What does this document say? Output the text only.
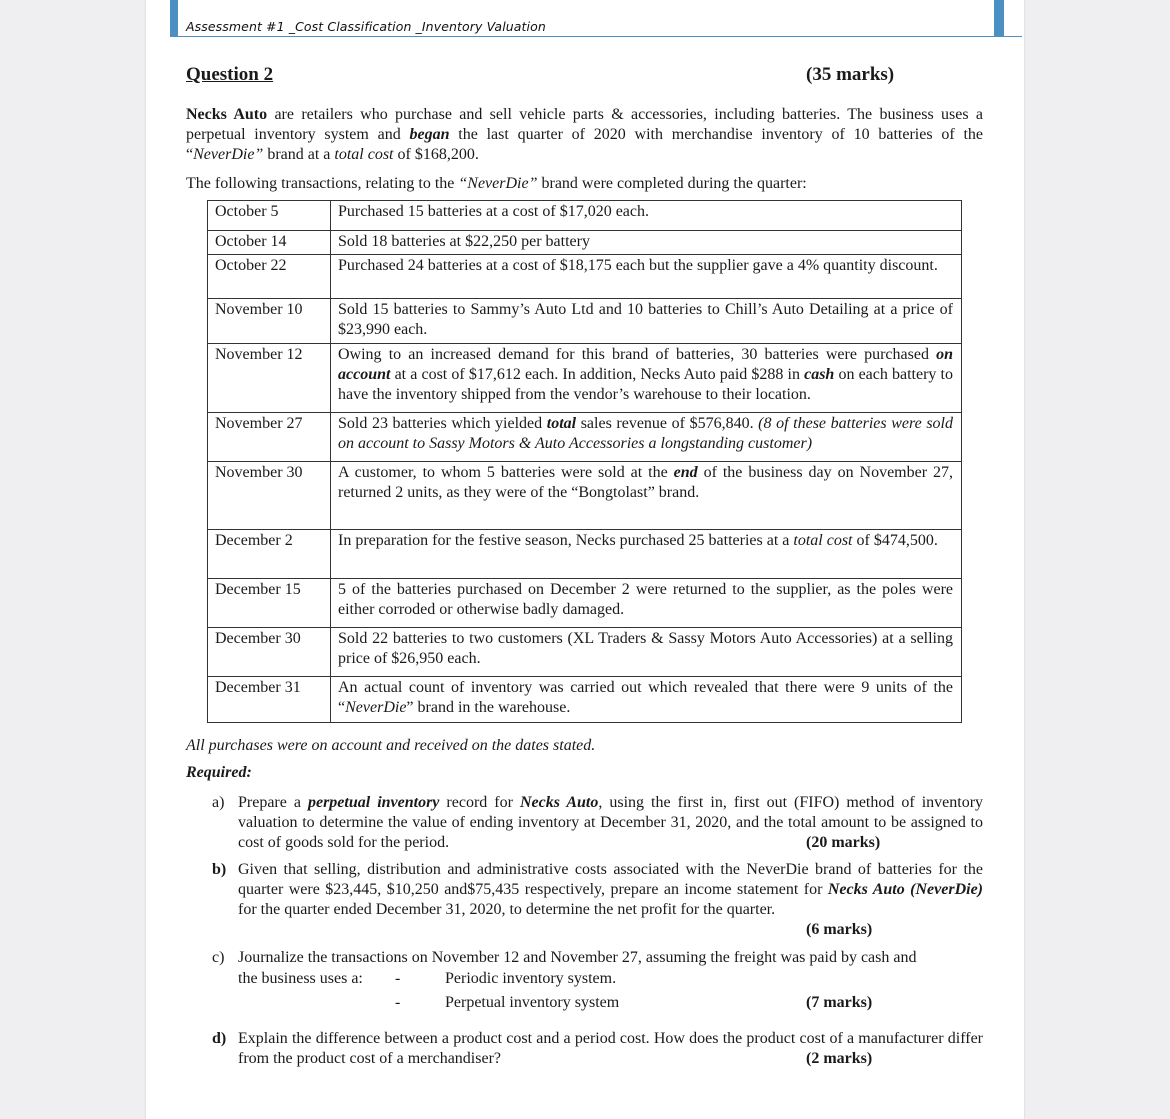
Assessment #1 _Cost Classification _Inventory Valuation
Question 2	(35 marks)
Necks Auto are retailers who purchase and sell vehicle parts & accessories, including batteries. The business uses a perpetual inventory system and began the last quarter of 2020 with merchandise inventory of 10 batteries of the “NeverDie” brand at a total cost of $168,200.
The following transactions, relating to the “NeverDie” brand were completed during the quarter:
October 5	Purchased 15 batteries at a cost of $17,020 each.
October 14	Sold 18 batteries at $22,250 per battery
October 22	Purchased 24 batteries at a cost of $18,175 each but the supplier gave a 4% quantity discount.
November 10	Sold 15 batteries to Sammy’s Auto Ltd and 10 batteries to Chill’s Auto Detailing at a price of $23,990 each.
November 12	Owing to an increased demand for this brand of batteries, 30 batteries were purchased on account at a cost of $17,612 each. In addition, Necks Auto paid $288 in cash on each battery to have the inventory shipped from the vendor’s warehouse to their location.
November 27	Sold 23 batteries which yielded total sales revenue of $576,840. (8 of these batteries were sold on account to Sassy Motors & Auto Accessories a longstanding customer)
November 30	A customer, to whom 5 batteries were sold at the end of the business day on November 27, returned 2 units, as they were of the “Bongtolast” brand.
December 2	In preparation for the festive season, Necks purchased 25 batteries at a total cost of $474,500.
December 15	5 of the batteries purchased on December 2 were returned to the supplier, as the poles were either corroded or otherwise badly damaged.
December 30	Sold 22 batteries to two customers (XL Traders & Sassy Motors Auto Accessories) at a selling price of $26,950 each.
December 31	An actual count of inventory was carried out which revealed that there were 9 units of the “NeverDie” brand in the warehouse.
All purchases were on account and received on the dates stated.
Required:
a) Prepare a perpetual inventory record for Necks Auto, using the first in, first out (FIFO) method of inventory valuation to determine the value of ending inventory at December 31, 2020, and the total amount to be assigned to cost of goods sold for the period.	(20 marks)
b) Given that selling, distribution and administrative costs associated with the NeverDie brand of batteries for the quarter were $23,445, $10,250 and$75,435 respectively, prepare an income statement for Necks Auto (NeverDie) for the quarter ended December 31, 2020, to determine the net profit for the quarter.
(6 marks)
c) Journalize the transactions on November 12 and November 27, assuming the freight was paid by cash and
the business uses a: -	Periodic inventory system.
-	Perpetual inventory system	(7 marks)
d) Explain the difference between a product cost and a period cost. How does the product cost of a manufacturer differ from the product cost of a merchandiser?	(2 marks)
